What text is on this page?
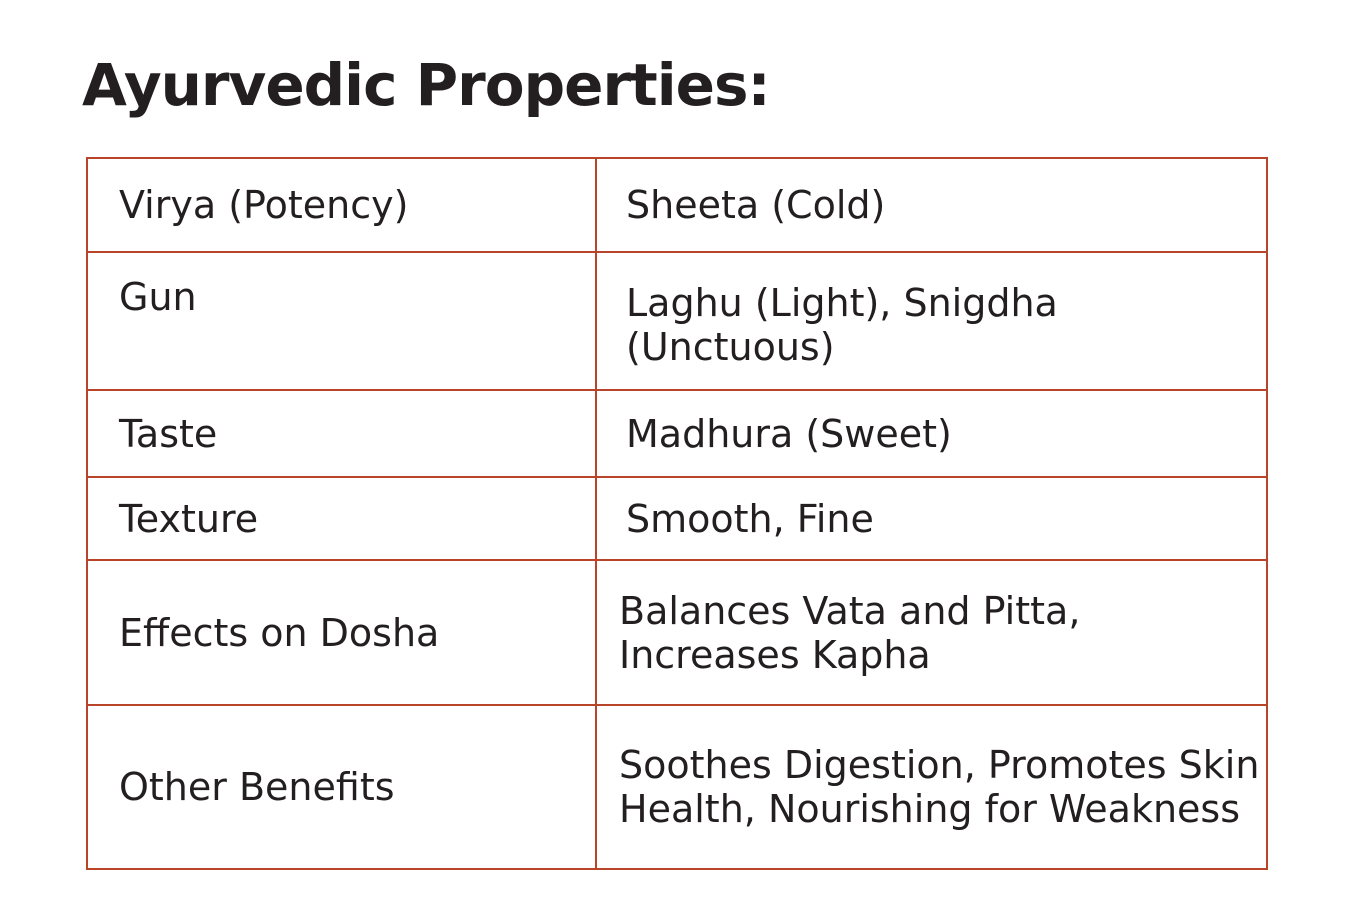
Ayurvedic Properties:
Virya (Potency)	Sheeta (Cold)
Gun	Laghu (Light), Snigdha (Unctuous)
Taste	Madhura (Sweet)
Texture	Smooth, Fine
Effects on Dosha	Balances Vata and Pitta, Increases Kapha
Other Benefits	Soothes Digestion, Promotes Skin Health, Nourishing for Weakness
